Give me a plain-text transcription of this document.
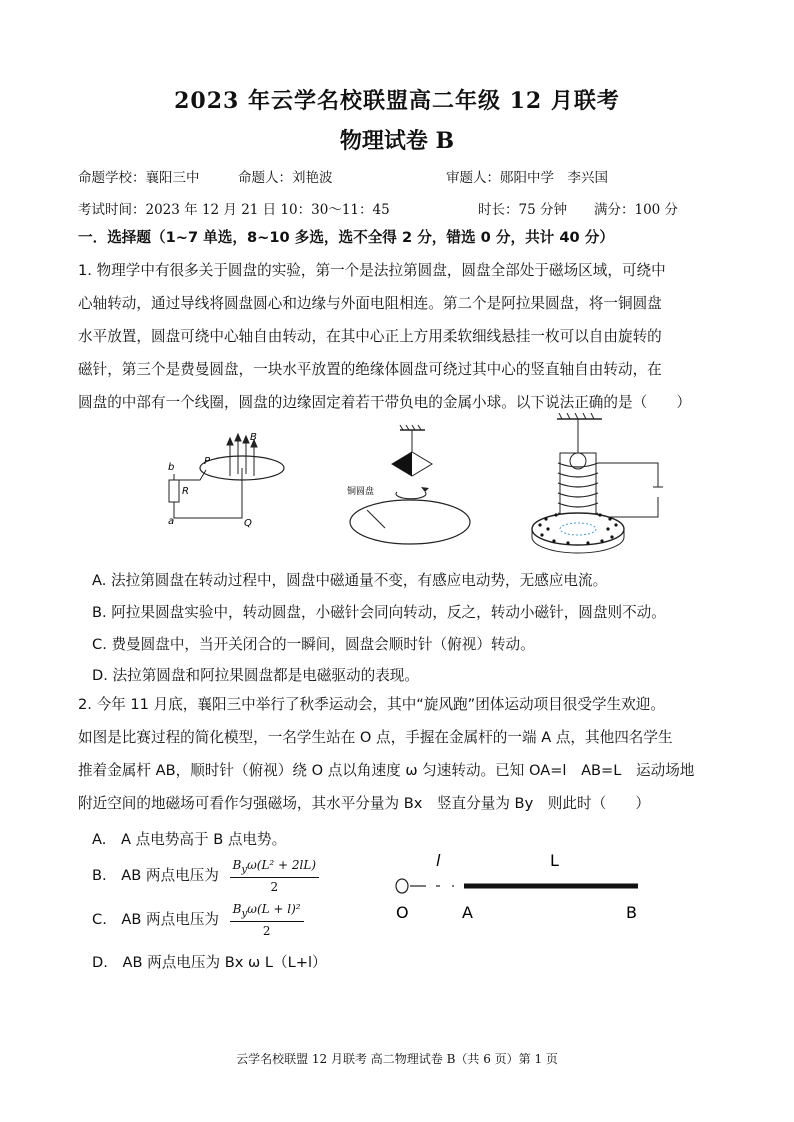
2023 年云学名校联盟高二年级 12 月联考
物理试卷 B
命题学校：襄阳三中	命题人：刘艳波	审题人：郧阳中学　李兴国
考试时间：2023 年 12 月 21 日 10：30～11：45	时长：75 分钟 满分：100 分
一．选择题（1~7 单选，8~10 多选，选不全得 2 分，错选 0 分，共计 40 分）

1. 物理学中有很多关于圆盘的实验，第一个是法拉第圆盘，圆盘全部处于磁场区域，可绕中

心轴转动，通过导线将圆盘圆心和边缘与外面电阻相连。第二个是阿拉果圆盘，将一铜圆盘

水平放置，圆盘可绕中心轴自由转动，在其中心正上方用柔软细线悬挂一枚可以自由旋转的

磁针，第三个是费曼圆盘，一块水平放置的绝缘体圆盘可绕过其中心的竖直轴自由转动，在

圆盘的中部有一个线圈，圆盘的边缘固定着若干带负电的金属小球。以下说法正确的是（　　）

b
a
R
P
B
Q
铜圆盘
A. 法拉第圆盘在转动过程中，圆盘中磁通量不变，有感应电动势，无感应电流。
B. 阿拉果圆盘实验中，转动圆盘，小磁针会同向转动，反之，转动小磁针，圆盘则不动。
C. 费曼圆盘中，当开关闭合的一瞬间，圆盘会顺时针（俯视）转动。
D. 法拉第圆盘和阿拉果圆盘都是电磁驱动的表现。

2. 今年 11 月底，襄阳三中举行了秋季运动会，其中“旋风跑”团体运动项目很受学生欢迎。

如图是比赛过程的简化模型，一名学生站在 O 点，手握在金属杆的一端 A 点，其他四名学生

推着金属杆 AB，顺时针（俯视）绕 O 点以角速度 ω 匀速转动。已知 OA=l　AB=L　运动场地

附近空间的地磁场可看作匀强磁场，其水平分量为 Bx　竖直分量为 By　则此时（　　）

A.　A 点电势高于 B 点电势。
B.　AB 两点电压为 $\frac{B_y\omega(L^2 + 2lL)}{2}$
C.　AB 两点电压为 $\frac{B_y\omega(L + l)^2}{2}$
D.　AB 两点电压为 Bx ω L（L+l）
l	L
O	A	B
云学名校联盟 12 月联考 高二物理试卷 B（共 6 页）第 1 页
